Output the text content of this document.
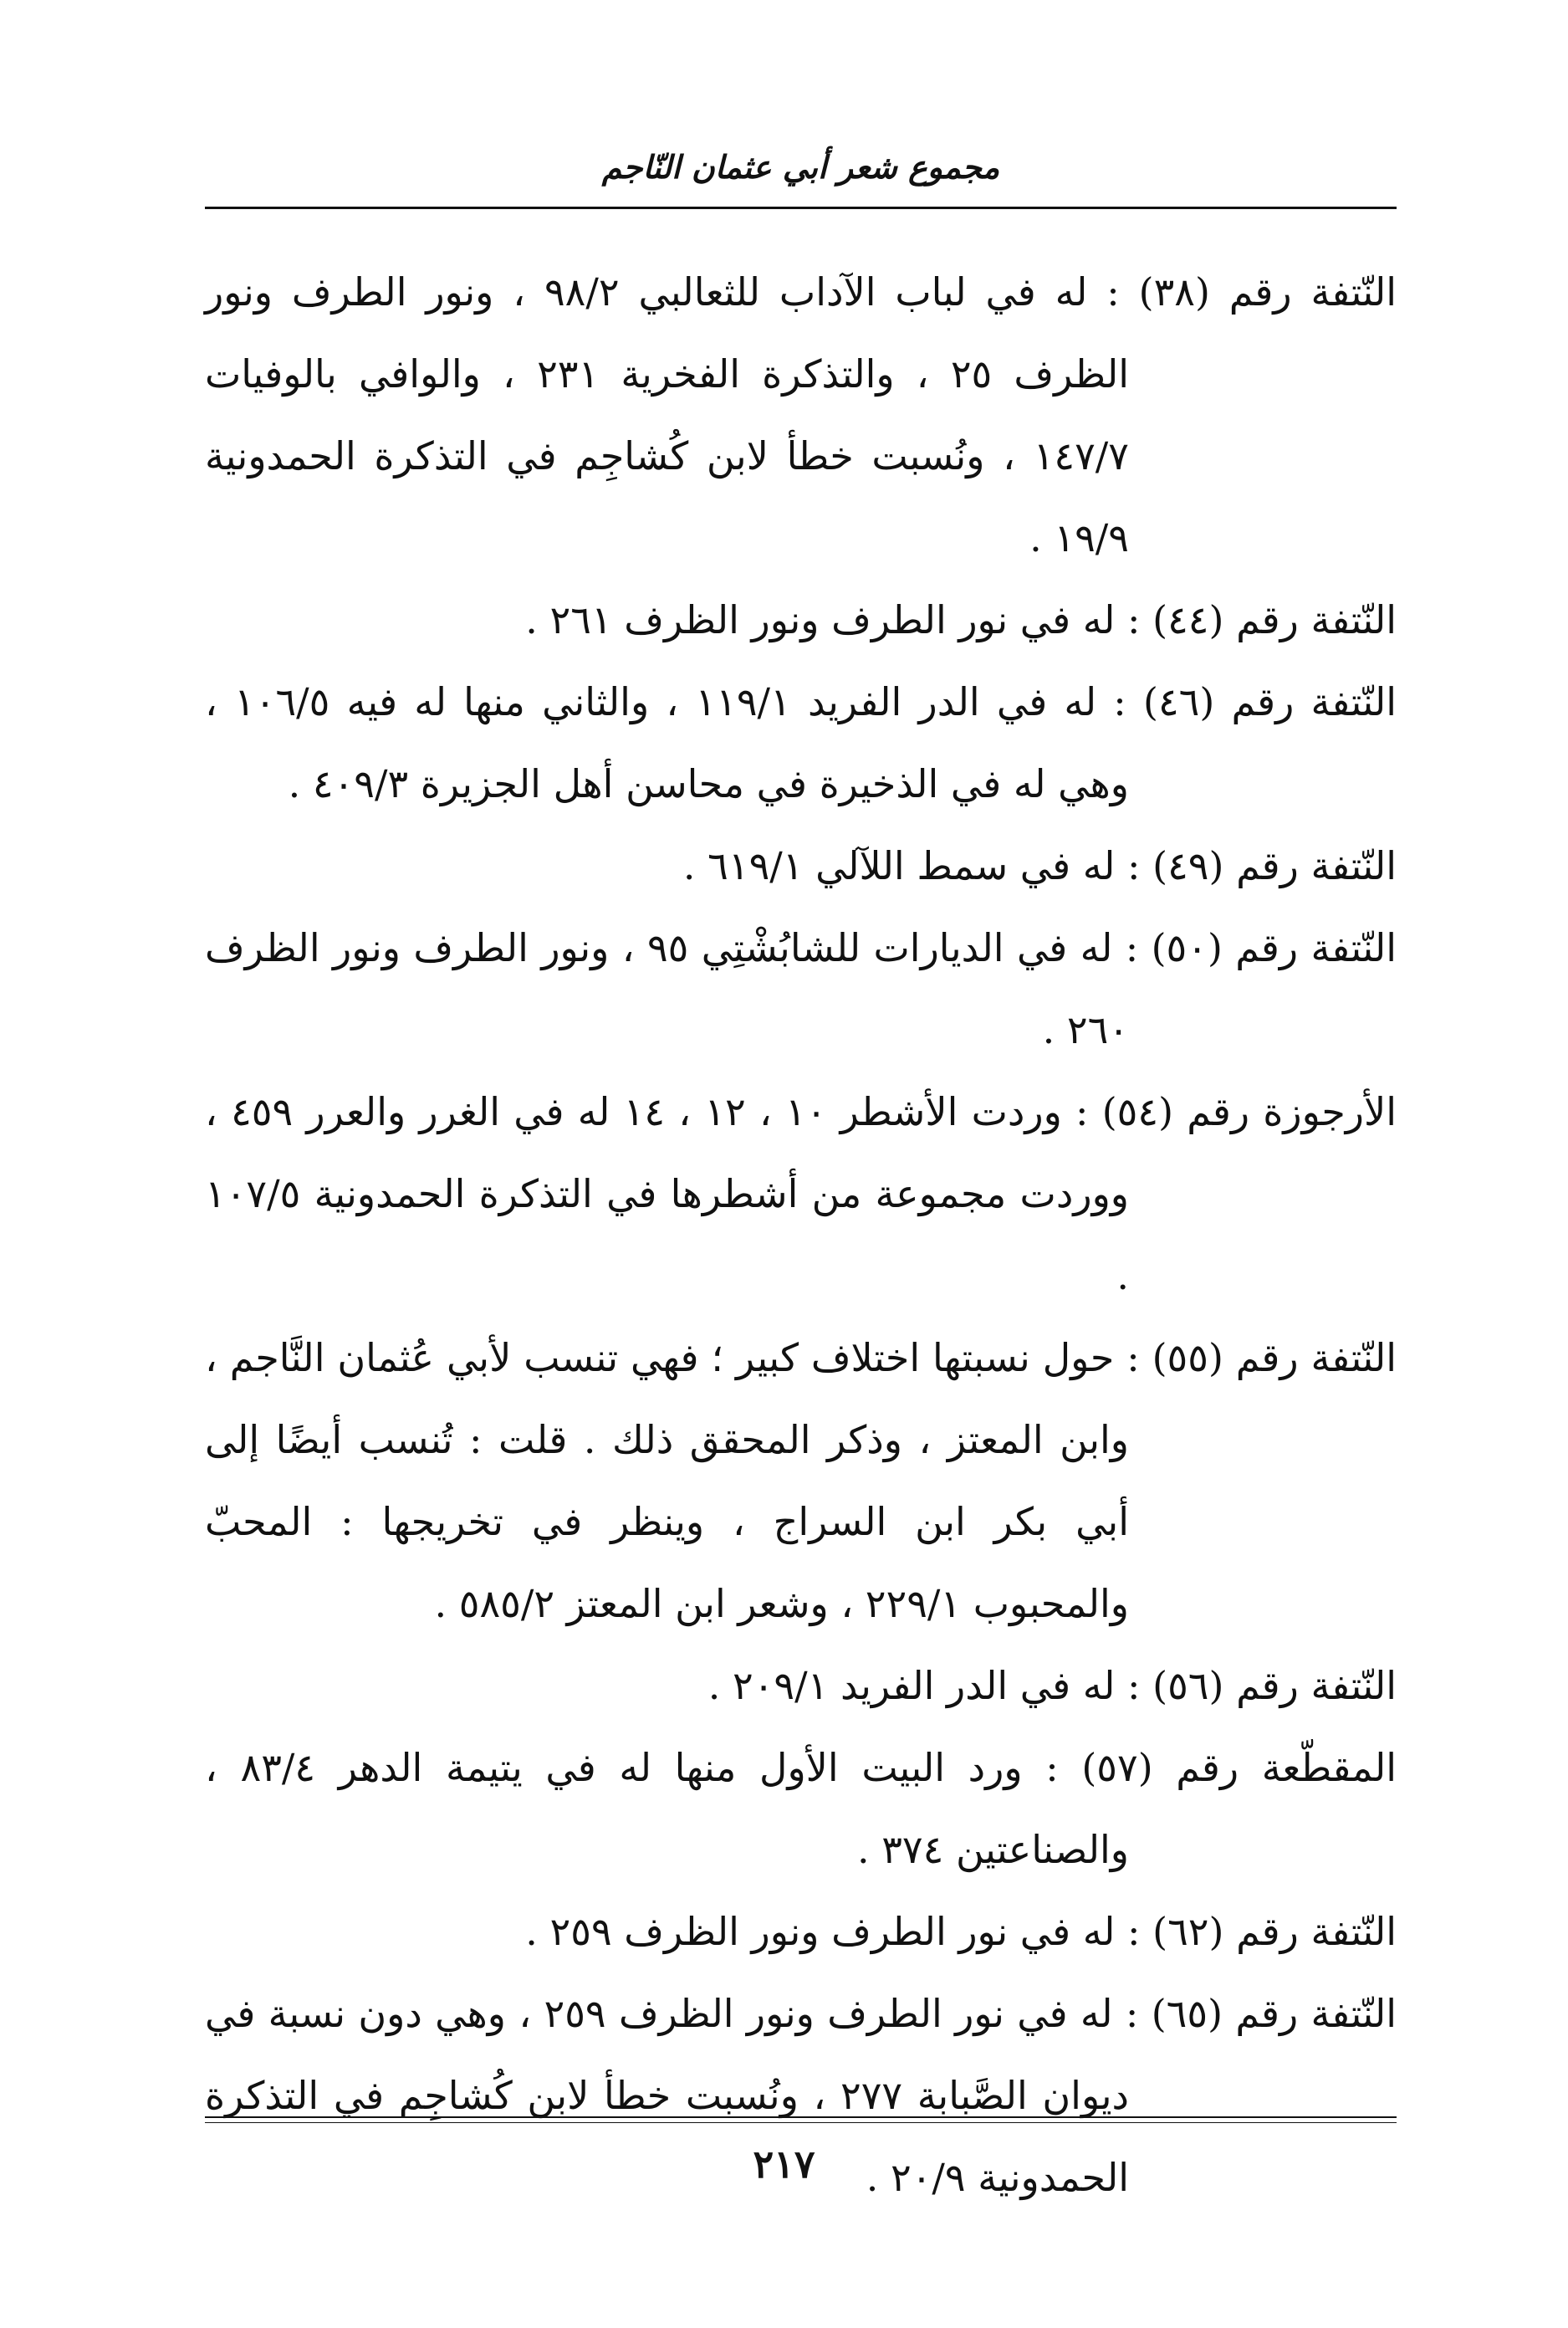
مجموع شعر أبي عثمان النّاجم
النّتفة رقم (٣٨) : له في لباب الآداب للثعالبي ٩٨/٢ ، ونور الطرف ونور الظرف ٢٥ ، والتذكرة الفخرية ٢٣١ ، والوافي بالوفيات ١٤٧/٧ ، ونُسبت خطأ لابن كُشاجِم في التذكرة الحمدونية ١٩/٩ .
النّتفة رقم (٤٤) : له في نور الطرف ونور الظرف ٢٦١ .
النّتفة رقم (٤٦) : له في الدر الفريد ١١٩/١ ، والثاني منها له فيه ١٠٦/٥ ، وهي له في الذخيرة في محاسن أهل الجزيرة ٤٠٩/٣ .
النّتفة رقم (٤٩) : له في سمط اللآلي ٦١٩/١ .
النّتفة رقم (٥٠) : له في الديارات للشابُشْتِي ٩٥ ، ونور الطرف ونور الظرف ٢٦٠ .
الأرجوزة رقم (٥٤) : وردت الأشطر ١٠ ، ١٢ ، ١٤ له في الغرر والعرر ٤٥٩ ، ووردت مجموعة من أشطرها في التذكرة الحمدونية ١٠٧/٥ .
النّتفة رقم (٥٥) : حول نسبتها اختلاف كبير ؛ فهي تنسب لأبي عُثمان النَّاجم ، وابن المعتز ، وذكر المحقق ذلك . قلت : تُنسب أيضًا إلى أبي بكر ابن السراج ، وينظر في تخريجها : المحبّ والمحبوب ٢٢٩/١ ، وشعر ابن المعتز ٥٨٥/٢ .
النّتفة رقم (٥٦) : له في الدر الفريد ٢٠٩/١ .
المقطّعة رقم (٥٧) : ورد البيت الأول منها له في يتيمة الدهر ٨٣/٤ ، والصناعتين ٣٧٤ .
النّتفة رقم (٦٢) : له في نور الطرف ونور الظرف ٢٥٩ .
النّتفة رقم (٦٥) : له في نور الطرف ونور الظرف ٢٥٩ ، وهي دون نسبة في ديوان الصَّبابة ٢٧٧ ، ونُسبت خطأ لابن كُشاجِم في التذكرة الحمدونية ٢٠/٩ .
٢١٧
